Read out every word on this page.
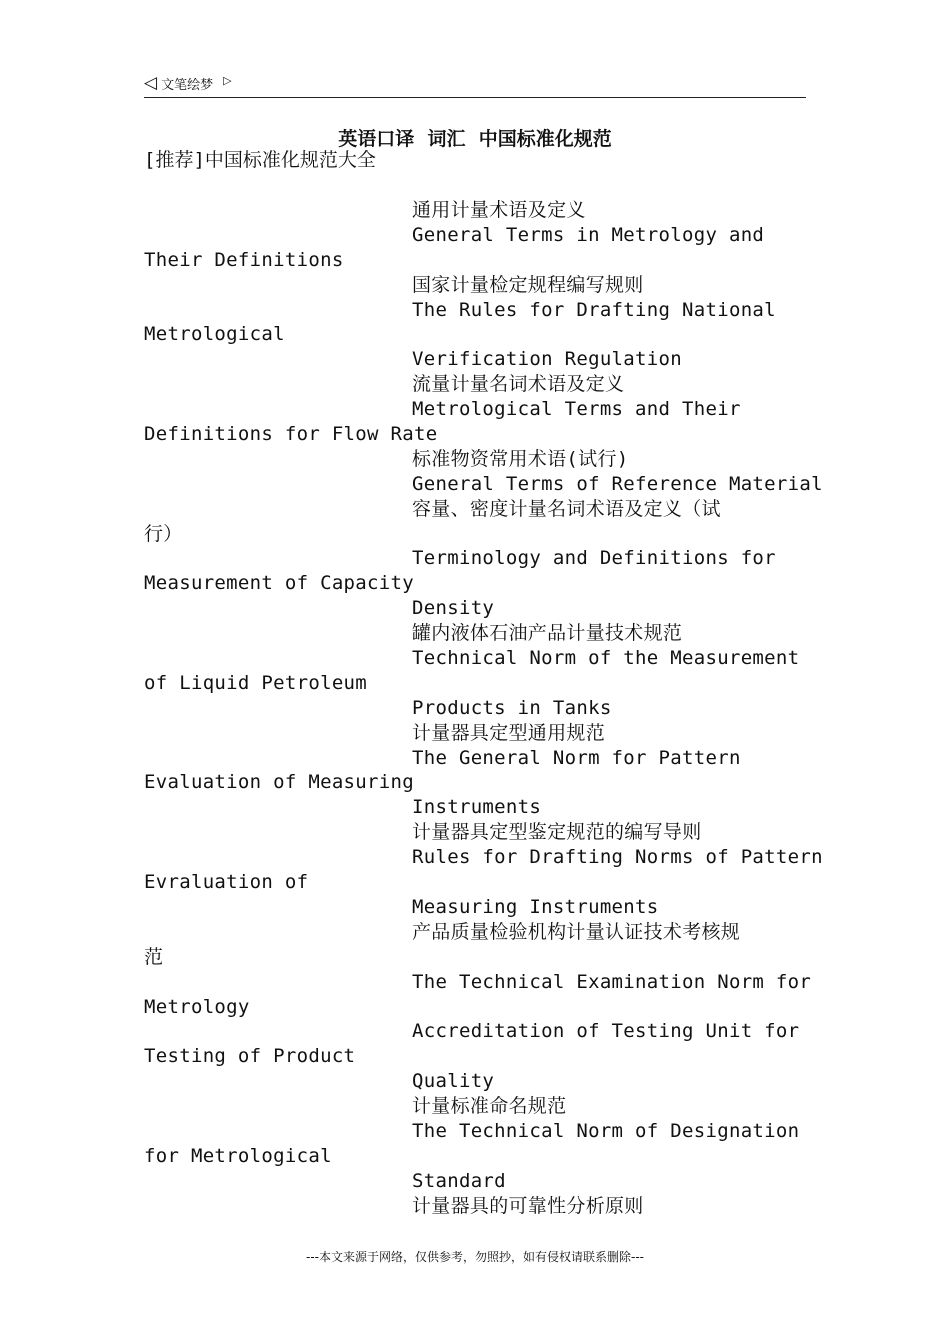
◁ 文笔绘梦 ▷
英语口译  词汇  中国标准化规范
[推荐]中国标准化规范大全
通用计量术语及定义
General Terms in Metrology and
Their Definitions
国家计量检定规程编写规则
The Rules for Drafting National
Metrological
Verification Regulation
流量计量名词术语及定义
Metrological Terms and Their
Definitions for Flow Rate
标准物资常用术语(试行)
General Terms of Reference Material
容量、密度计量名词术语及定义（试
行）
Terminology and Definitions for
Measurement of Capacity
Density
罐内液体石油产品计量技术规范
Technical Norm of the Measurement
of Liquid Petroleum
Products in Tanks
计量器具定型通用规范
The General Norm for Pattern
Evaluation of Measuring
Instruments
计量器具定型鉴定规范的编写导则
Rules for Drafting Norms of Pattern
Evraluation of
Measuring Instruments
产品质量检验机构计量认证技术考核规
范
The Technical Examination Norm for
Metrology
Accreditation of Testing Unit for
Testing of Product
Quality
计量标准命名规范
The Technical Norm of Designation
for Metrological
Standard
计量器具的可靠性分析原则
---本文来源于网络，仅供参考，勿照抄，如有侵权请联系删除---
